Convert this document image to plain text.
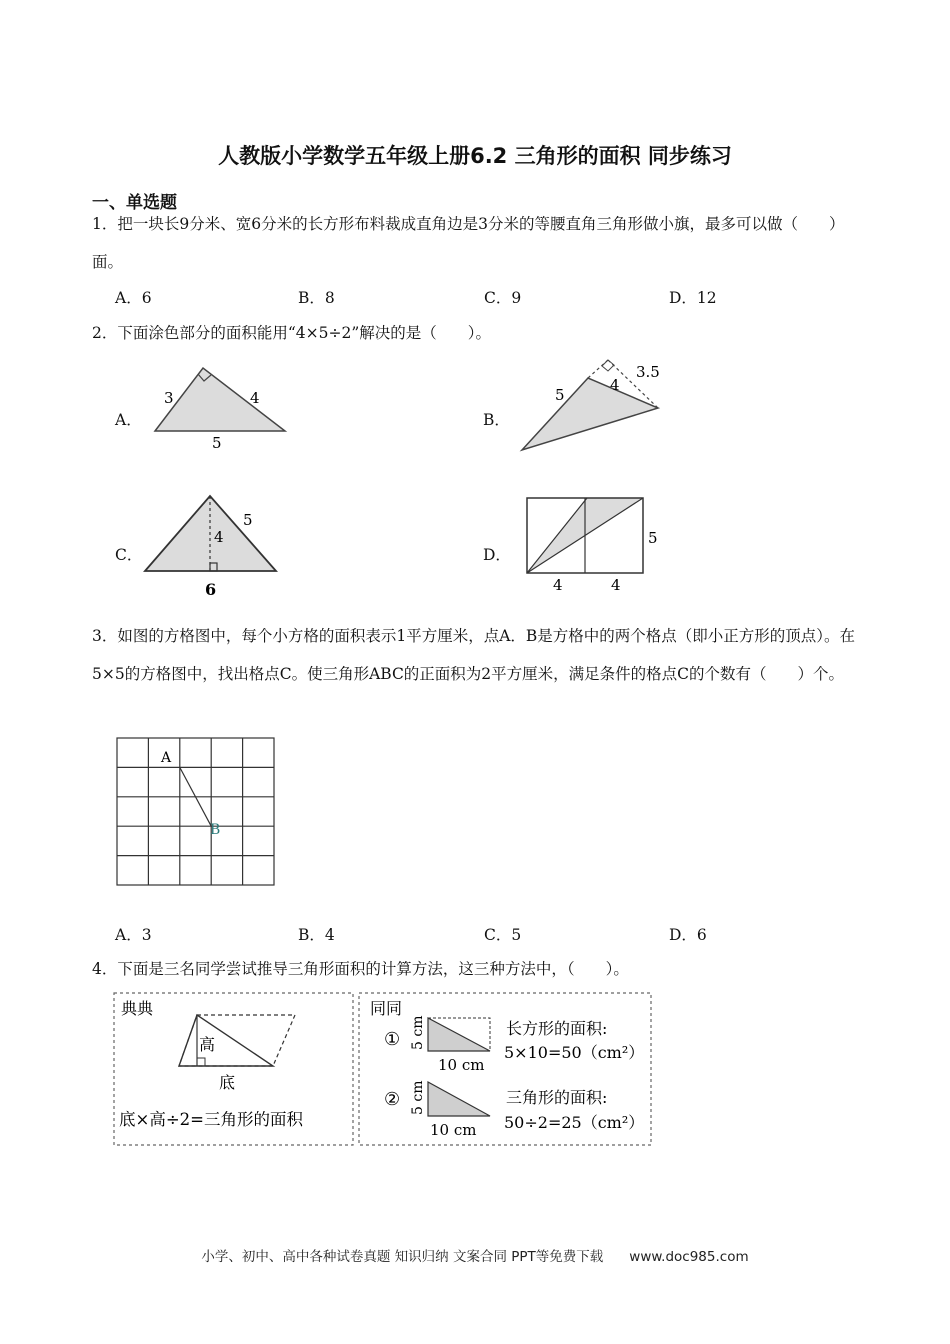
人教版小学数学五年级上册6.2 三角形的面积 同步练习
一、单选题
1．把一块长9分米、宽6分米的长方形布料裁成直角边是3分米的等腰直角三角形做小旗，最多可以做（　　）面。
A．6	B．8	C．9	D．12
2．下面涂色部分的面积能用“4×5÷2”解决的是（　　）。
A．
3	4
5
B．
5
4
3.5
C．
4
5
6
D．
5
4	4
3．如图的方格图中，每个小方格的面积表示1平方厘米，点A．B是方格中的两个格点（即小正方形的顶点）。在5×5的方格图中，找出格点C。使三角形ABC的正面积为2平方厘米，满足条件的格点C的个数有（　　）个。
A
B
A．3	B．4	C．5	D．6
4．下面是三名同学尝试推导三角形面积的计算方法，这三种方法中，（　　）。
典典
高
底
底×高÷2=三角形的面积
同同
①
②
5 cm
10 cm
5 cm
10 cm
长方形的面积:
5×10=50（cm²）
三角形的面积:
50÷2=25（cm²）
小学、初中、高中各种试卷真题 知识归纳 文案合同 PPT等免费下载 www.doc985.com
